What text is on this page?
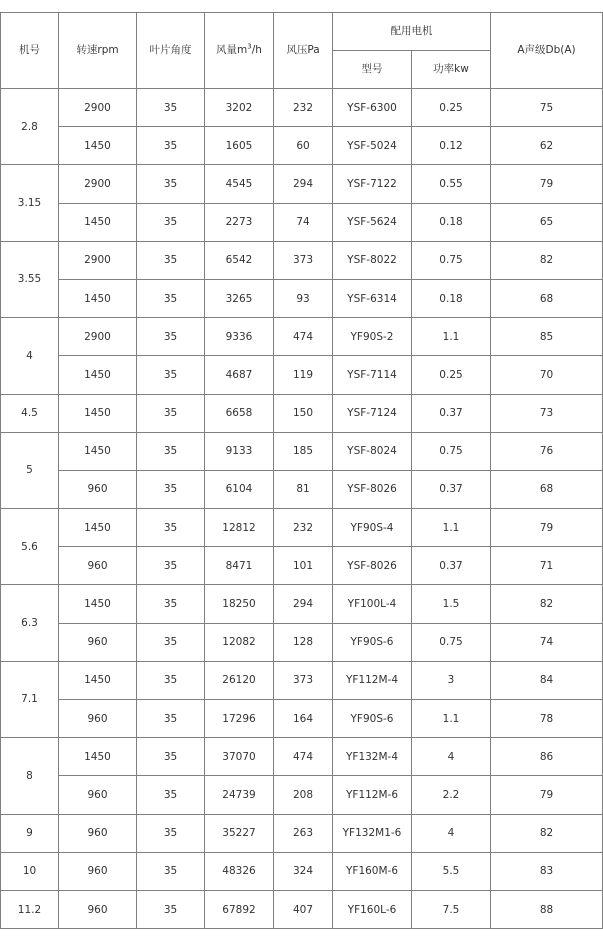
机号	转速rpm	叶片角度	风量$m^3/h$	风压Pa	配用电机		A声级Db(A)
					型号	功率kw	
2.8	2900	35	3202	232	YSF-6300	0.25	75
	1450	35	1605	60	YSF-5024	0.12	62
3.15	2900	35	4545	294	YSF-7122	0.55	79
	1450	35	2273	74	YSF-5624	0.18	65
3.55	2900	35	6542	373	YSF-8022	0.75	82
	1450	35	3265	93	YSF-6314	0.18	68
4	2900	35	9336	474	YF90S-2	1.1	85
	1450	35	4687	119	YSF-7114	0.25	70
4.5	1450	35	6658	150	YSF-7124	0.37	73
5	1450	35	9133	185	YSF-8024	0.75	76
	960	35	6104	81	YSF-8026	0.37	68
5.6	1450	35	12812	232	YF90S-4	1.1	79
	960	35	8471	101	YSF-8026	0.37	71
6.3	1450	35	18250	294	YF100L-4	1.5	82
	960	35	12082	128	YF90S-6	0.75	74
7.1	1450	35	26120	373	YF112M-4	3	84
	960	35	17296	164	YF90S-6	1.1	78
8	1450	35	37070	474	YF132M-4	4	86
	960	35	24739	208	YF112M-6	2.2	79
9	960	35	35227	263	YF132M1-6	4	82
10	960	35	48326	324	YF160M-6	5.5	83
11.2	960	35	67892	407	YF160L-6	7.5	88
